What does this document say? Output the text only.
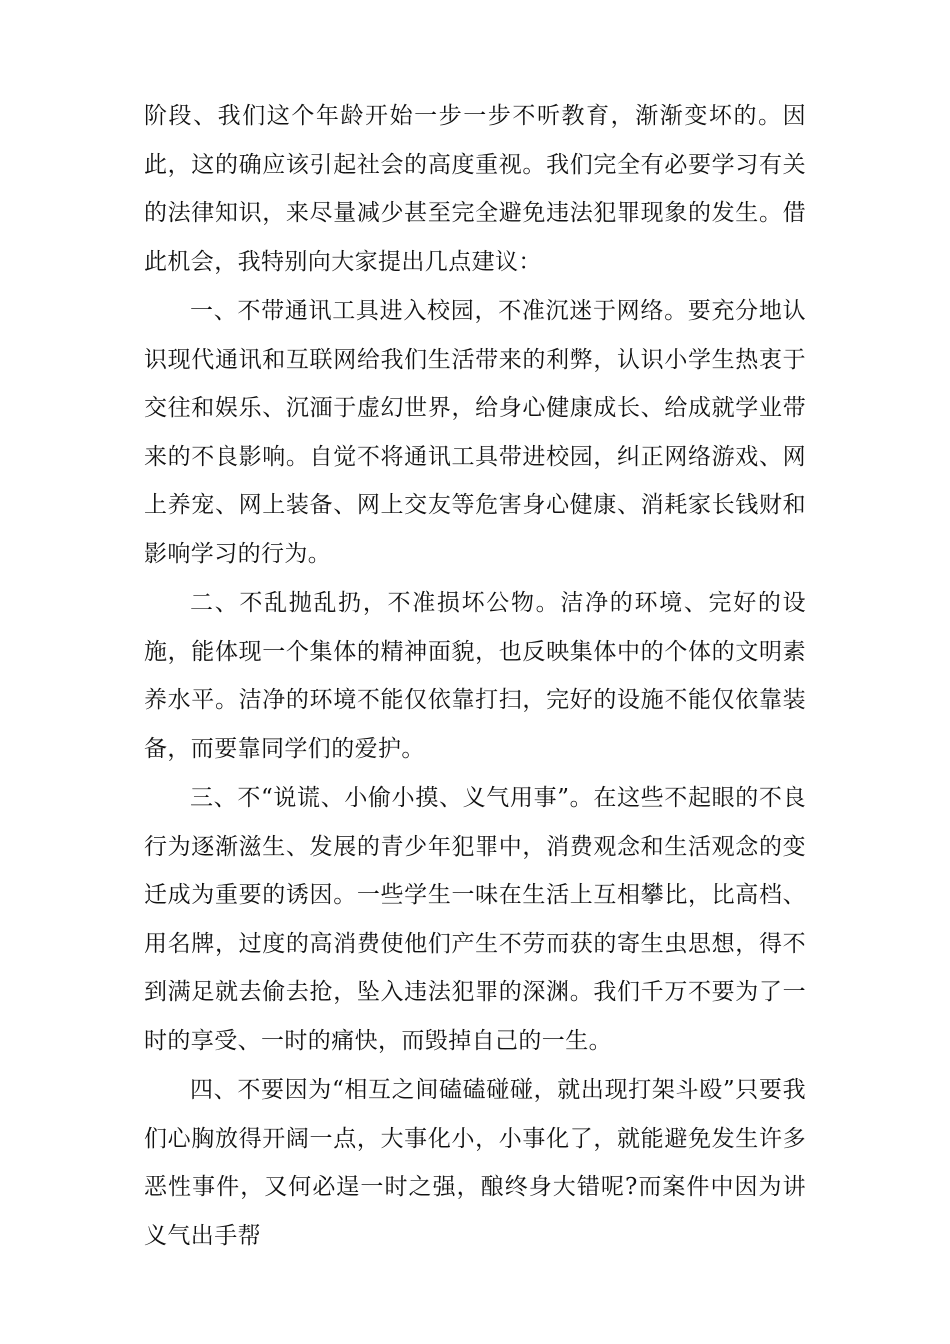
阶段、我们这个年龄开始一步一步不听教育，渐渐变坏的。因此，这的确应该引起社会的高度重视。我们完全有必要学习有关的法律知识，来尽量减少甚至完全避免违法犯罪现象的发生。借此机会，我特别向大家提出几点建议：

一、不带通讯工具进入校园，不准沉迷于网络。要充分地认识现代通讯和互联网给我们生活带来的利弊，认识小学生热衷于交往和娱乐、沉湎于虚幻世界，给身心健康成长、给成就学业带来的不良影响。自觉不将通讯工具带进校园，纠正网络游戏、网上养宠、网上装备、网上交友等危害身心健康、消耗家长钱财和影响学习的行为。

二、不乱抛乱扔，不准损坏公物。洁净的环境、完好的设施，能体现一个集体的精神面貌，也反映集体中的个体的文明素养水平。洁净的环境不能仅依靠打扫，完好的设施不能仅依靠装备，而要靠同学们的爱护。

三、不“说谎、小偷小摸、义气用事”。在这些不起眼的不良行为逐渐滋生、发展的青少年犯罪中，消费观念和生活观念的变迁成为重要的诱因。一些学生一味在生活上互相攀比，比高档、用名牌，过度的高消费使他们产生不劳而获的寄生虫思想，得不到满足就去偷去抢，坠入违法犯罪的深渊。我们千万不要为了一时的享受、一时的痛快，而毁掉自己的一生。

四、不要因为“相互之间磕磕碰碰，就出现打架斗殴”只要我们心胸放得开阔一点，大事化小，小事化了，就能避免发生许多恶性事件，又何必逞一时之强，酿终身大错呢?而案件中因为讲义气出手帮
